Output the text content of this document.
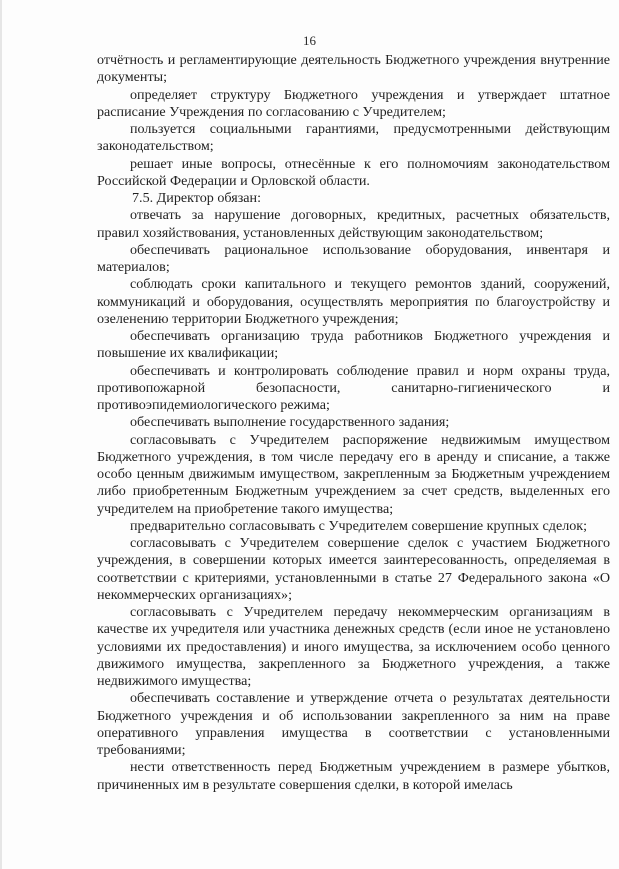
16

отчётность и регламентирующие деятельность Бюджетного учреждения внутренние документы;

определяет структуру Бюджетного учреждения и утверждает штатное расписание Учреждения по согласованию с Учредителем;

пользуется социальными гарантиями, предусмотренными действующим законодательством;

решает иные вопросы, отнесённые к его полномочиям законодательством Российской Федерации и Орловской области.

7.5. Директор обязан:

отвечать за нарушение договорных, кредитных, расчетных обязательств, правил хозяйствования, установленных действующим законодательством;

обеспечивать рациональное использование оборудования, инвентаря и материалов;

соблюдать сроки капитального и текущего ремонтов зданий, сооружений, коммуникаций и оборудования, осуществлять мероприятия по благоустройству и озеленению территории Бюджетного учреждения;

обеспечивать организацию труда работников Бюджетного учреждения и повышение их квалификации;

обеспечивать и контролировать соблюдение правил и норм охраны труда, противопожарной безопасности, санитарно-гигиенического и противоэпидемиологического режима;

обеспечивать выполнение государственного задания;

согласовывать с Учредителем распоряжение недвижимым имуществом Бюджетного учреждения, в том числе передачу его в аренду и списание, а также особо ценным движимым имуществом, закрепленным за Бюджетным учреждением либо приобретенным Бюджетным учреждением за счет средств, выделенных его учредителем на приобретение такого имущества;

предварительно согласовывать с Учредителем совершение крупных сделок;

согласовывать с Учредителем совершение сделок с участием Бюджетного учреждения, в совершении которых имеется заинтересованность, определяемая в соответствии с критериями, установленными в статье 27 Федерального закона «О некоммерческих организациях»;

согласовывать с Учредителем передачу некоммерческим организациям в качестве их учредителя или участника денежных средств (если иное не установлено условиями их предоставления) и иного имущества, за исключением особо ценного движимого имущества, закрепленного за Бюджетного учреждения, а также недвижимого имущества;

обеспечивать составление и утверждение отчета о результатах деятельности Бюджетного учреждения и об использовании закрепленного за ним на праве оперативного управления имущества в соответствии с установленными требованиями;

нести ответственность перед Бюджетным учреждением в размере убытков, причиненных им в результате совершения сделки, в которой имелась
